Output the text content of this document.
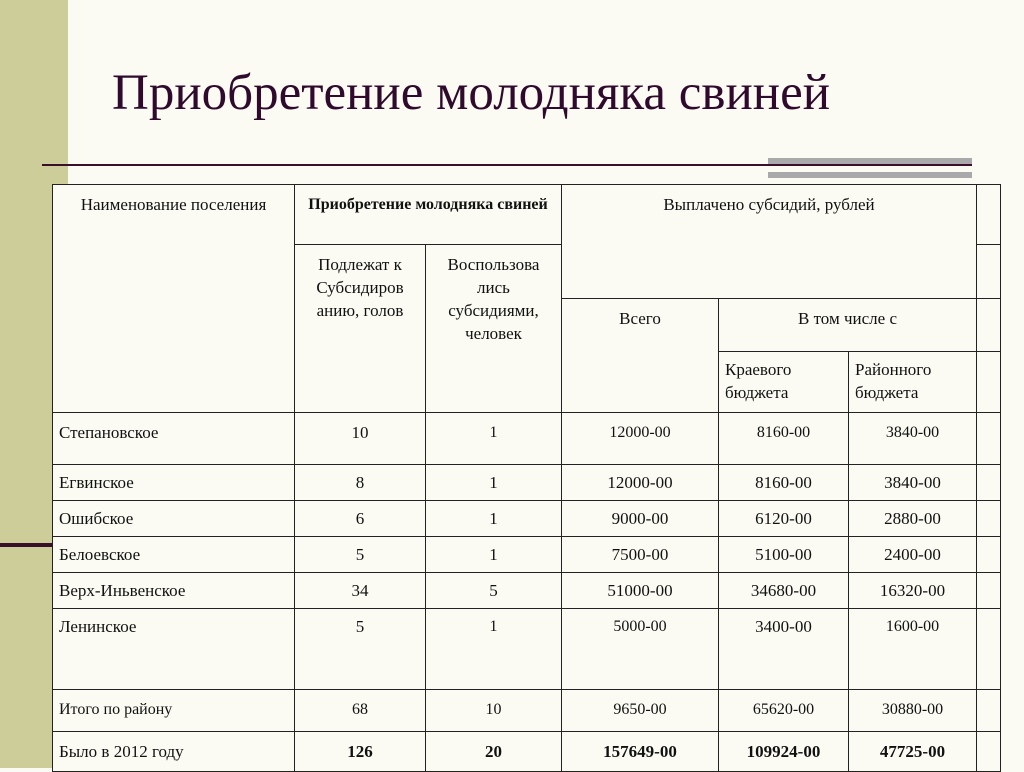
Приобретение молодняка свиней
Наименование поселения	Приобретение молодняка свиней		Выплачено субсидий, рублей			
	Подлежат к Субсидиров анию, голов	Воспользова лись субсидиями, человек				
			Всего	В том числе с		
				Краевого бюджета	Районного бюджета	
Степановское	10	1	12000-00	8160-00	3840-00	
Егвинское	8	1	12000-00	8160-00	3840-00	
Ошибское	6	1	9000-00	6120-00	2880-00	
Белоевское	5	1	7500-00	5100-00	2400-00	
Верх-Иньвенское	34	5	51000-00	34680-00	16320-00	
Ленинское	5	1	5000-00	3400-00	1600-00	
Итого по району	68	10	9650-00	65620-00	30880-00	
Было в 2012 году	126	20	157649-00	109924-00	47725-00	
